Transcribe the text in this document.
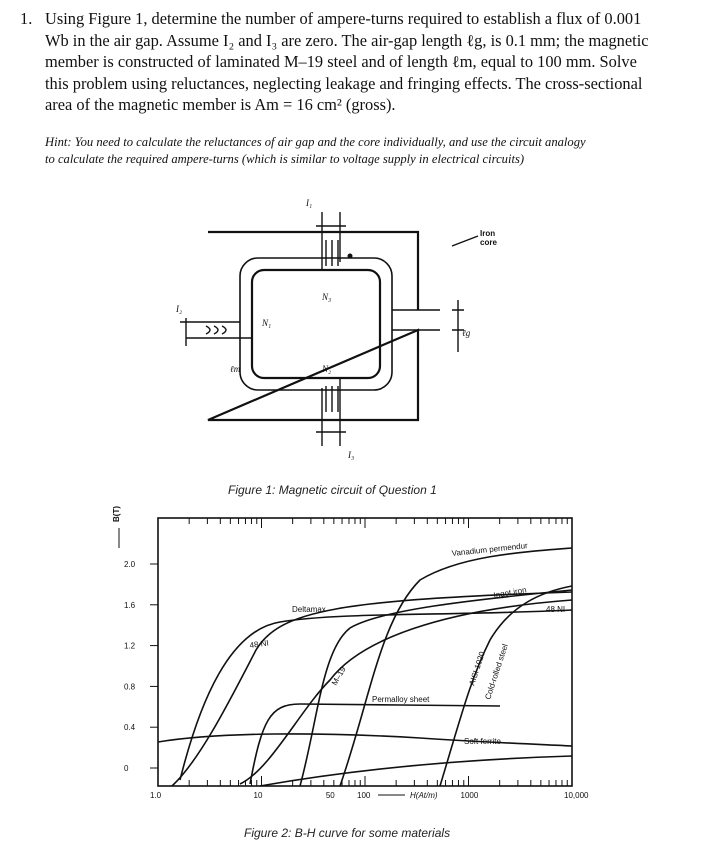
1. Using Figure 1, determine the number of ampere-turns required to establish a flux of 0.001
Wb in the air gap. Assume I₂ and I₃ are zero. The air-gap length ℓg, is 0.1 mm; the magnetic
member is constructed of laminated M–19 steel and of length ℓm, equal to 100 mm. Solve
this problem using reluctances, neglecting leakage and fringing effects. The cross-sectional
area of the magnetic member is Am = 16 cm² (gross).
Hint: You need to calculate the reluctances of air gap and the core individually, and use the circuit analogy
to calculate the required ampere-turns (which is similar to voltage supply in electrical circuits)
Iron
core
I₁
I₂
I₃
N₁
N₃
N₂
ℓm
ℓg
Figure 1: Magnetic circuit of Question 1
2.0
1.6
1.2
0.8
0.4
0
1.0	10	50	100	1000	10,000
H(At/m)
Vanadium permendur
Deltamax
Ingot iron
48 NI
48 NI
M–19
Permalloy sheet
AISI 1020
Cold-rolled steel
Soft ferrite
B(T)
Figure 2: B-H curve for some materials
